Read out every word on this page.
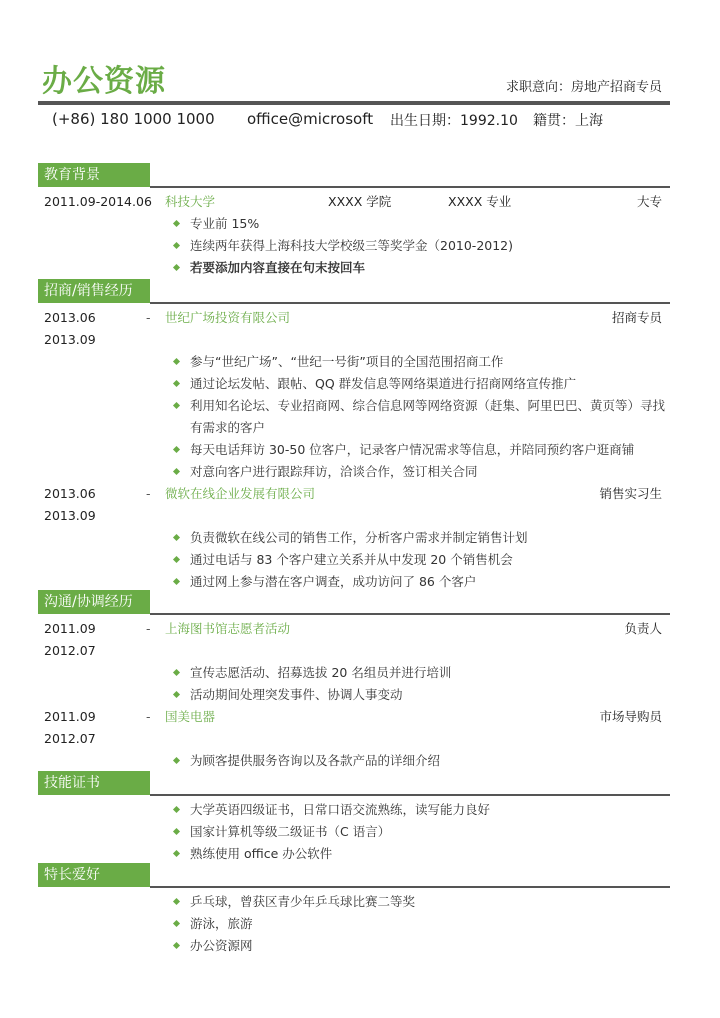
办公资源	求职意向：房地产招商专员
(+86) 180 1000 1000 office@microsoft 出生日期：1992.10 籍贯：上海
教育背景
2011.09-2014.06 科技大学	XXXX 学院	XXXX 专业	大专
专业前 15%
连续两年获得上海科技大学校级三等奖学金（2010-2012)
若要添加内容直接在句末按回车
招商/销售经历
2013.06	- 世纪广场投资有限公司	招商专员
2013.09
参与“世纪广场”、“世纪一号街”项目的全国范围招商工作
通过论坛发帖、跟帖、QQ 群发信息等网络渠道进行招商网络宣传推广
利用知名论坛、专业招商网、综合信息网等网络资源（赶集、阿里巴巴、黄页等）寻找有需求的客户
每天电话拜访 30-50 位客户，记录客户情况需求等信息，并陪同预约客户逛商铺
对意向客户进行跟踪拜访，洽谈合作，签订相关合同
2013.06	- 微软在线企业发展有限公司	销售实习生
2013.09
负责微软在线公司的销售工作，分析客户需求并制定销售计划
通过电话与 83 个客户建立关系并从中发现 20 个销售机会
通过网上参与潜在客户调查，成功访问了 86 个客户
沟通/协调经历
2011.09	- 上海图书馆志愿者活动	负责人
2012.07
宣传志愿活动、招募选拔 20 名组员并进行培训
活动期间处理突发事件、协调人事变动
2011.09	- 国美电器	市场导购员
2012.07
为顾客提供服务咨询以及各款产品的详细介绍
技能证书
大学英语四级证书，日常口语交流熟练，读写能力良好
国家计算机等级二级证书（C 语言）
熟练使用 office 办公软件
特长爱好
乒乓球，曾获区青少年乒乓球比赛二等奖
游泳，旅游
办公资源网
